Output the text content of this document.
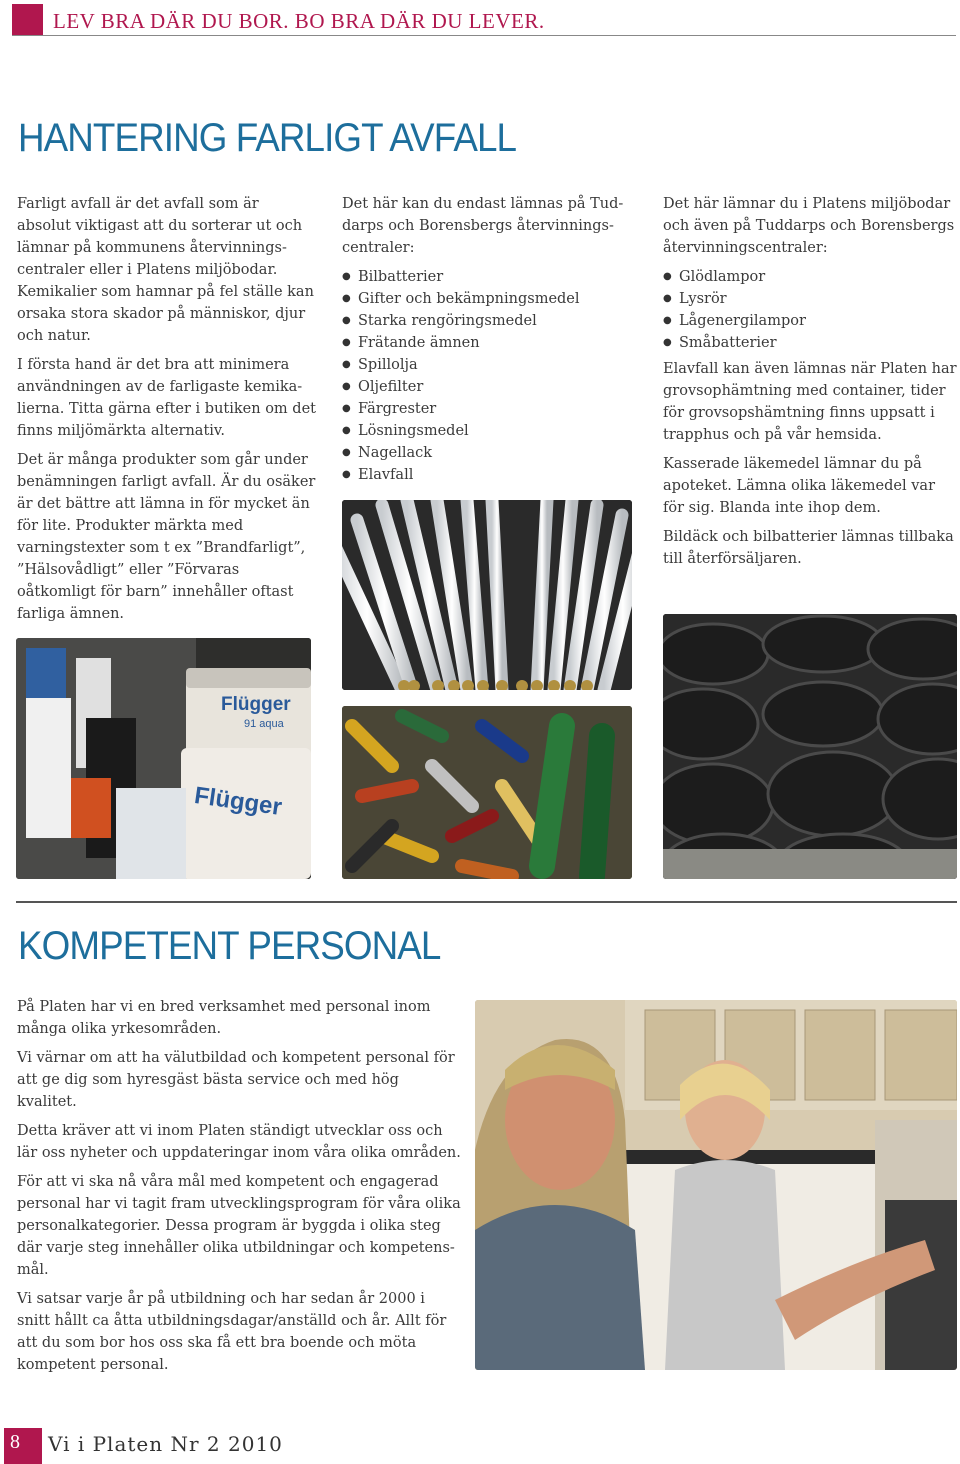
LEV BRA DÄR DU BOR. BO BRA DÄR DU LEVER.
HANTERING FARLIGT AVFALL

Farligt avfall är det avfall som är absolut viktigast att du sorterar ut och lämnar på kommunens återvinningscentraler eller i Platens miljöbodar. Kemikalier som hamnar på fel ställe kan orsaka stora skador på människor, djur och natur.

I första hand är det bra att minimera användningen av de farligaste kemikalierna. Titta gärna efter i butiken om det finns miljömärkta alternativ.

Det är många produkter som går under benämningen farligt avfall. Är du osäker är det bättre att lämna in för mycket än för lite. Produkter märkta med varningstexter som t ex ”Brandfarligt”, ”Hälsovådligt” eller ”Förvaras oåtkomligt för barn” innehåller oftast farliga ämnen.

Det här kan du endast lämnas på Tuddarps och Borensbergs återvinningscentraler:

● Bilbatterier
● Gifter och bekämpningsmedel
● Starka rengöringsmedel
● Frätande ämnen
● Spillolja
● Oljefilter
● Färgrester
● Lösningsmedel
● Nagellack
● Elavfall

Det här lämnar du i Platens miljöbodar och även på Tuddarps och Borensbergs återvinningscentraler:

● Glödlampor
● Lysrör
● Lågenergilampor
● Småbatterier

Elavfall kan även lämnas när Platen har grovsophämtning med container, tider för grovsopshämtning finns uppsatt i trapphus och på vår hemsida.

Kasserade läkemedel lämnar du på apoteket. Lämna olika läkemedel var för sig. Blanda inte ihop dem.

Bildäck och bilbatterier lämnas tillbaka till återförsäljaren.

Flügger
91 aqua
Flügger
KOMPETENT PERSONAL

På Platen har vi en bred verksamhet med personal inom många olika yrkesområden.

Vi värnar om att ha välutbildad och kompetent personal för att ge dig som hyresgäst bästa service och med hög kvalitet.

Detta kräver att vi inom Platen ständigt utvecklar oss och lär oss nyheter och uppdateringar inom våra olika områden.

För att vi ska nå våra mål med kompetent och engagerad personal har vi tagit fram utvecklingsprogram för våra olika personalkategorier. Dessa program är byggda i olika steg där varje steg innehåller olika utbildningar och kompetensmål.

Vi satsar varje år på utbildning och har sedan år 2000 i snitt hållt ca åtta utbildningsdagar/anställd och år. Allt för att du som bor hos oss ska få ett bra boende och möta kompetent personal.

8 Vi i Platen Nr 2 2010
